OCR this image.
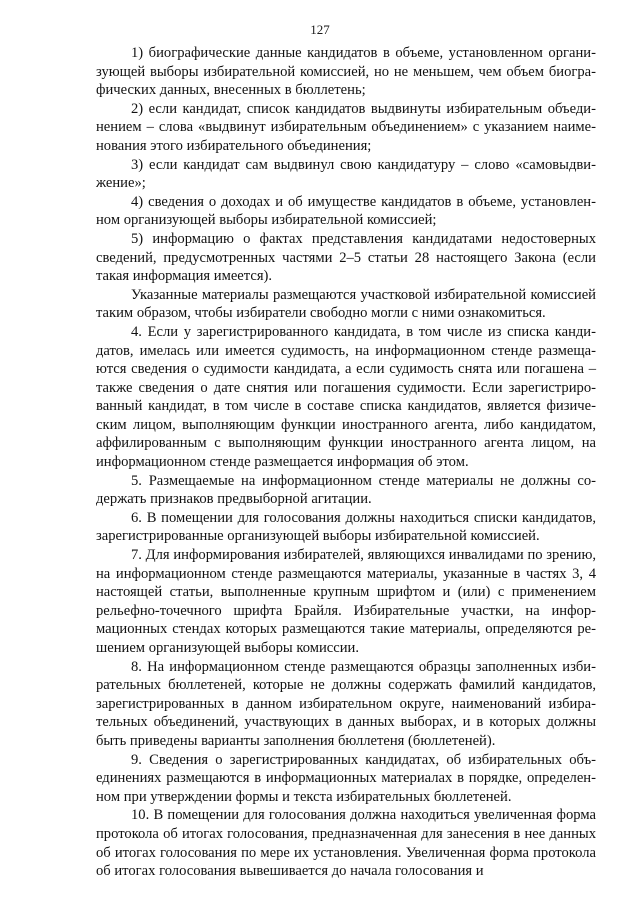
127

1) биографические данные кандидатов в объеме, установленном организующей выборы избирательной комиссией, но не меньшем, чем объем биографических данных, внесенных в бюллетень;

2) если кандидат, список кандидатов выдвинуты избирательным объединением – слова «выдвинут избирательным объединением» с указанием наименования этого избирательного объединения;

3) если кандидат сам выдвинул свою кандидатуру – слово «самовыдвижение»;

4) сведения о доходах и об имуществе кандидатов в объеме, установленном организующей выборы избирательной комиссией;

5) информацию о фактах представления кандидатами недостоверных сведений, предусмотренных частями 2–5 статьи 28 настоящего Закона (если такая информация имеется).

Указанные материалы размещаются участковой избирательной комиссией таким образом, чтобы избиратели свободно могли с ними ознакомиться.

4. Если у зарегистрированного кандидата, в том числе из списка кандидатов, имелась или имеется судимость, на информационном стенде размещаются сведения о судимости кандидата, а если судимость снята или погашена – также сведения о дате снятия или погашения судимости. Если зарегистрированный кандидат, в том числе в составе списка кандидатов, является физическим лицом, выполняющим функции иностранного агента, либо кандидатом, аффилированным с выполняющим функции иностранного агента лицом, на информационном стенде размещается информация об этом.

5. Размещаемые на информационном стенде материалы не должны содержать признаков предвыборной агитации.

6. В помещении для голосования должны находиться списки кандидатов, зарегистрированные организующей выборы избирательной комиссией.

7. Для информирования избирателей, являющихся инвалидами по зрению, на информационном стенде размещаются материалы, указанные в частях 3, 4 настоящей статьи, выполненные крупным шрифтом и (или) с применением рельефно-точечного шрифта Брайля. Избирательные участки, на информационных стендах которых размещаются такие материалы, определяются решением организующей выборы комиссии.

8. На информационном стенде размещаются образцы заполненных избирательных бюллетеней, которые не должны содержать фамилий кандидатов, зарегистрированных в данном избирательном округе, наименований избирательных объединений, участвующих в данных выборах, и в которых должны быть приведены варианты заполнения бюллетеня (бюллетеней).

9. Сведения о зарегистрированных кандидатах, об избирательных объединениях размещаются в информационных материалах в порядке, определенном при утверждении формы и текста избирательных бюллетеней.

10. В помещении для голосования должна находиться увеличенная форма протокола об итогах голосования, предназначенная для занесения в нее данных об итогах голосования по мере их установления. Увеличенная форма протокола об итогах голосования вывешивается до начала голосования и
